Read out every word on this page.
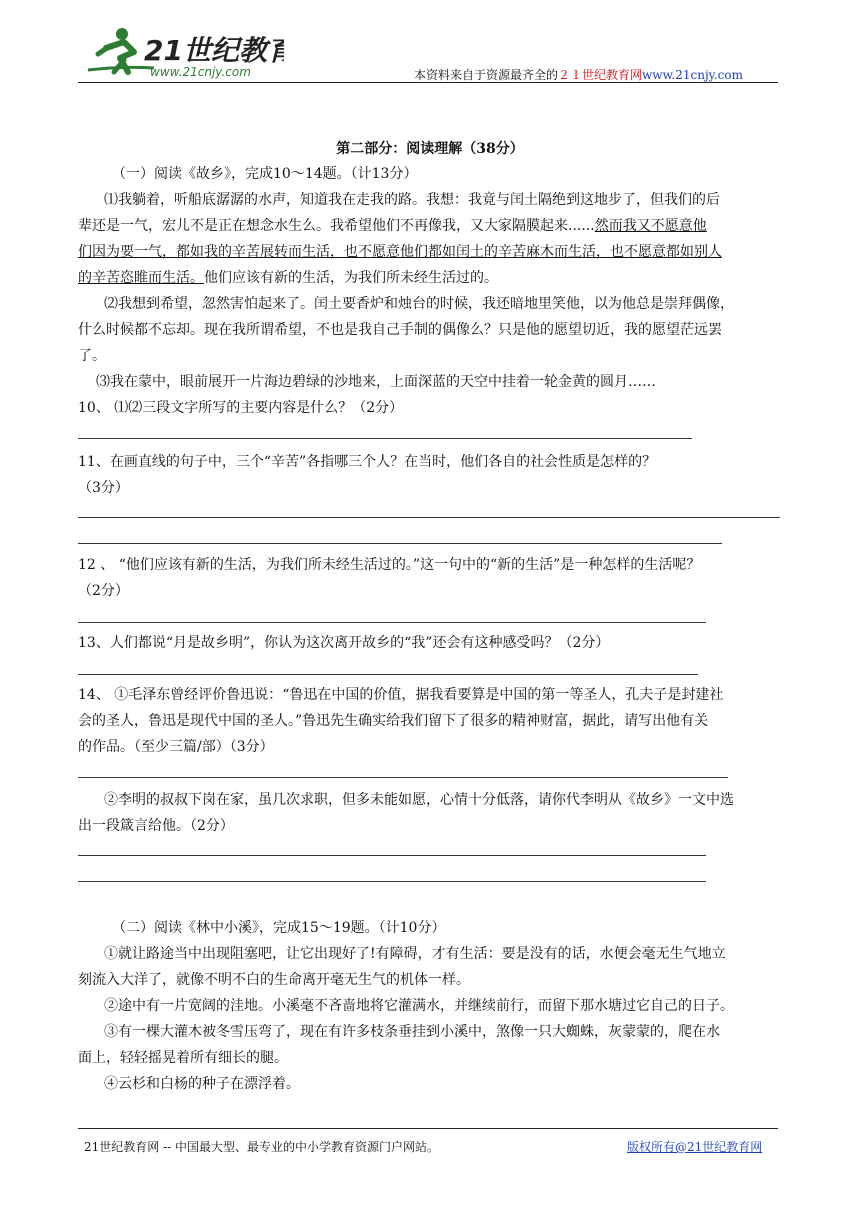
21世纪教育
www.21cnjy.com	本资料来自于资源最齐全的２１世纪教育网www.21cnjy.com
第二部分：阅读理解（38分）
（一）阅读《故乡》，完成10～14题。（计13分）
⑴我躺着，听船底潺潺的水声，知道我在走我的路。我想：我竟与闰土隔绝到这地步了，但我们的后
辈还是一气，宏儿不是正在想念水生么。我希望他们不再像我，又大家隔膜起来......然而我又不愿意他
们因为要一气，都如我的辛苦展转而生活，也不愿意他们都如闰土的辛苦麻木而生活，也不愿意都如别人
的辛苦恣睢而生活。他们应该有新的生活，为我们所未经生活过的。
⑵我想到希望，忽然害怕起来了。闰土要香炉和烛台的时候，我还暗地里笑他，以为他总是崇拜偶像，
什么时候都不忘却。现在我所谓希望，不也是我自己手制的偶像么？只是他的愿望切近，我的愿望茫远罢
了。
⑶我在蒙中，眼前展开一片海边碧绿的沙地来，上面深蓝的天空中挂着一轮金黄的圆月……
10、 ⑴⑵三段文字所写的主要内容是什么？（2分）
11、在画直线的句子中，三个“辛苦”各指哪三个人？在当时，他们各自的社会性质是怎样的？
（3分）
12 、 “他们应该有新的生活，为我们所未经生活过的。”这一句中的“新的生活”是一种怎样的生活呢？
（2分）
13、人们都说“月是故乡明”，你认为这次离开故乡的“我”还会有这种感受吗？（2分）
14、 ①毛泽东曾经评价鲁迅说：“鲁迅在中国的价值，据我看要算是中国的第一等圣人，孔夫子是封建社
会的圣人，鲁迅是现代中国的圣人。”鲁迅先生确实给我们留下了很多的精神财富，据此，请写出他有关
的作品。（至少三篇/部）（3分）
②李明的叔叔下岗在家，虽几次求职，但多未能如愿，心情十分低落，请你代李明从《故乡》一文中选
出一段箴言给他。（2分）
（二）阅读《林中小溪》，完成15～19题。（计10分）
①就让路途当中出现阻塞吧，让它出现好了!有障碍，才有生活：要是没有的话，水便会毫无生气地立
刻流入大洋了，就像不明不白的生命离开毫无生气的机体一样。
②途中有一片宽阔的洼地。小溪毫不吝啬地将它灌满水，并继续前行，而留下那水塘过它自己的日子。
③有一棵大灌木被冬雪压弯了，现在有许多枝条垂挂到小溪中，煞像一只大蜘蛛，灰蒙蒙的，爬在水
面上，轻轻摇晃着所有细长的腿。
④云杉和白杨的种子在漂浮着。
21世纪教育网 -- 中国最大型、最专业的中小学教育资源门户网站。	版权所有@21世纪教育网
